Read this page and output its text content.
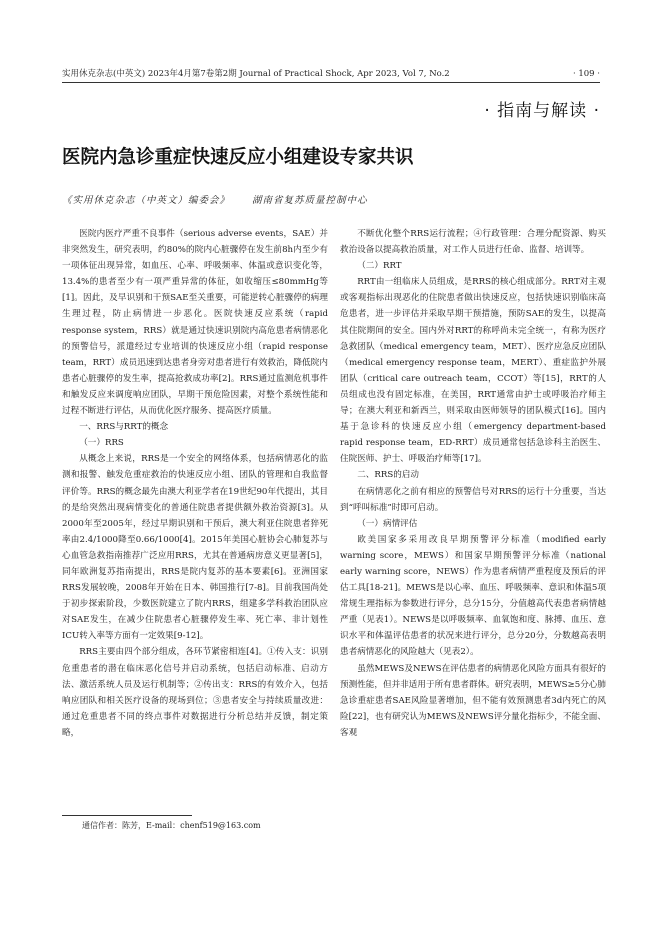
实用休克杂志(中英文) 2023年4月第7卷第2期 Journal of Practical Shock, Apr 2023, Vol 7, No.2	· 109 ·
· 指南与解读 ·
医院内急诊重症快速反应小组建设专家共识
《实用休克杂志（中英文）编委会》 湖南省复苏质量控制中心

医院内医疗严重不良事件（serious adverse events，SAE）并非突然发生，研究表明，约80%的院内心脏骤停在发生前8h内至少有一项体征出现异常，如血压、心率、呼吸频率、体温或意识变化等，13.4%的患者至少有一项严重异常的体征，如收缩压≤80mmHg等[1]。因此，及早识别和干预SAE至关重要，可能逆转心脏骤停的病理生理过程，防止病情进一步恶化。医院快速反应系统（rapid response system，RRS）就是通过快速识别院内高危患者病情恶化的预警信号，派遣经过专业培训的快速反应小组（rapid response team，RRT）成员迅速到达患者身旁对患者进行有效救治，降低院内患者心脏骤停的发生率，提高抢救成功率[2]。RRS通过监测危机事件和触发反应来调度响应团队，早期干预危险因素，对整个系统性能和过程不断进行评估，从而优化医疗服务、提高医疗质量。

一、RRS与RRT的概念
（一）RRS

从概念上来说，RRS是一个安全的网络体系，包括病情恶化的监测和报警、触发危重症救治的快速反应小组、团队的管理和自我监督评价等。RRS的概念最先由澳大利亚学者在19世纪90年代提出，其目的是给突然出现病情变化的普通住院患者提供额外救治资源[3]。从2000年至2005年，经过早期识别和干预后，澳大利亚住院患者猝死率由2.4/1000降至0.66/1000[4]。2015年美国心脏协会心肺复苏与心血管急救指南推荐广泛应用RRS，尤其在普通病房意义更显著[5]，同年欧洲复苏指南提出，RRS是院内复苏的基本要素[6]。亚洲国家RRS发展较晚，2008年开始在日本、韩国推行[7-8]。目前我国尚处于初步探索阶段，少数医院建立了院内RRS，组建多学科救治团队应对SAE发生，在减少住院患者心脏骤停发生率、死亡率、非计划性ICU转入率等方面有一定效果[9-12]。

RRS主要由四个部分组成，各环节紧密相连[4]。①传入支：识别危重患者的潜在临床恶化信号并启动系统，包括启动标准、启动方法、激活系统人员及运行机制等；②传出支：RRS的有效介入，包括响应团队和相关医疗设备的现场到位；③患者安全与持续质量改进：通过危重患者不同的终点事件对数据进行分析总结并反馈，制定策略，

不断优化整个RRS运行流程；④行政管理：合理分配资源、购买救治设备以提高救治质量，对工作人员进行任命、监督、培训等。

（二）RRT

RRT由一组临床人员组成，是RRS的核心组成部分。RRT对主观或客观指标出现恶化的住院患者做出快速反应，包括快速识别临床高危患者，进一步评估并采取早期干预措施，预防SAE的发生，以提高其住院期间的安全。国内外对RRT的称呼尚未完全统一，有称为医疗急救团队（medical emergency team，MET）、医疗应急反应团队（medical emergency response team，MERT）、重症监护外展团队（critical care outreach team，CCOT）等[15]，RRT的人员组成也没有固定标准，在美国，RRT通常由护士或呼吸治疗师主导；在澳大利亚和新西兰，则采取由医师领导的团队模式[16]。国内基于急诊科的快速反应小组（emergency department-based rapid response team，ED-RRT）成员通常包括急诊科主治医生、住院医师、护士、呼吸治疗师等[17]。

二、RRS的启动

在病情恶化之前有相应的预警信号对RRS的运行十分重要，当达到“呼叫标准”时即可启动。

（一）病情评估

欧美国家多采用改良早期预警评分标准（modified early warning score，MEWS）和国家早期预警评分标准（national early warning score，NEWS）作为患者病情严重程度及预后的评估工具[18-21]。MEWS是以心率、血压、呼吸频率、意识和体温5项常规生理指标为参数进行评分，总分15分，分值越高代表患者病情越严重（见表1）。NEWS是以呼吸频率、血氧饱和度、脉搏、血压、意识水平和体温评估患者的状况来进行评分，总分20分，分数越高表明患者病情恶化的风险越大（见表2）。

虽然MEWS及NEWS在评估患者的病情恶化风险方面具有很好的预测性能，但并非适用于所有患者群体。研究表明，MEWS≥5分心肺急诊重症患者SAE风险显著增加，但不能有效预测患者3d内死亡的风险[22]，也有研究认为MEWS及NEWS评分量化指标少，不能全面、客观

通信作者：陈芳，E-mail：chenf519@163.com
